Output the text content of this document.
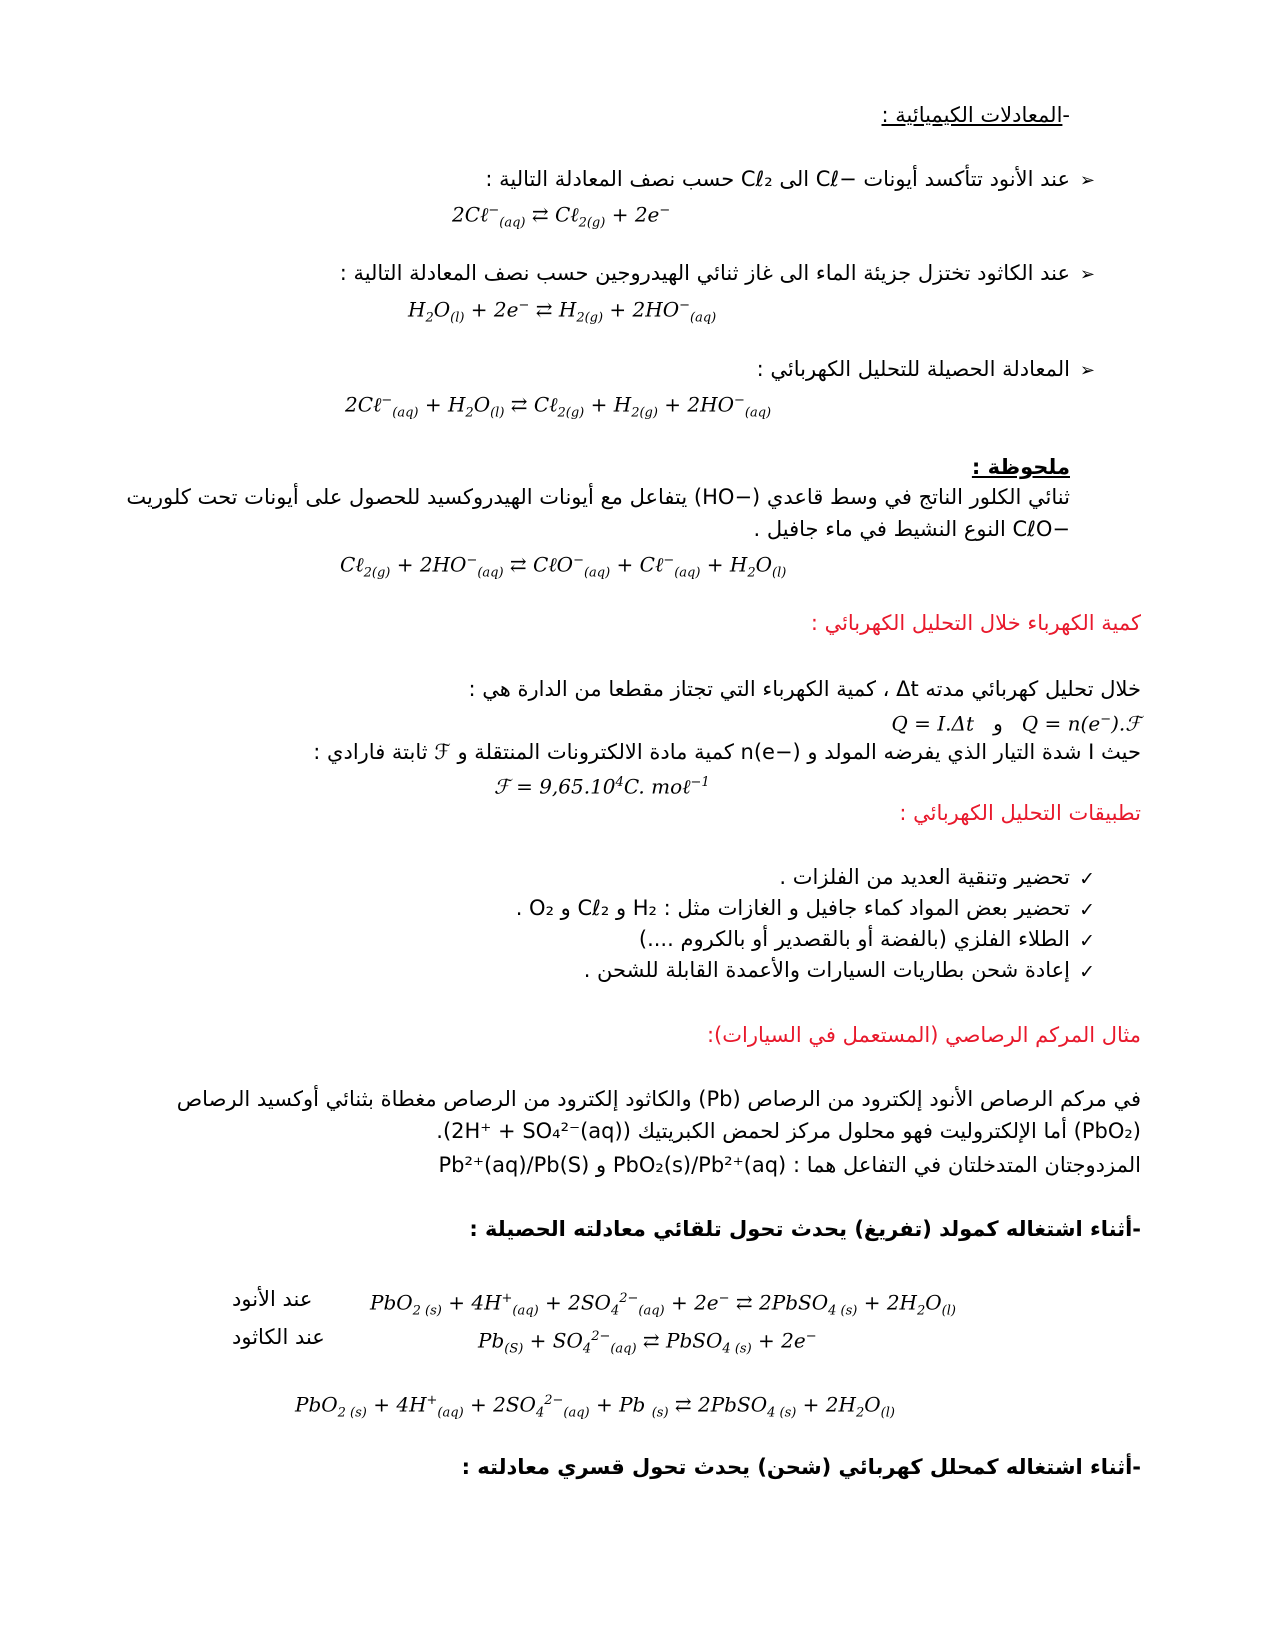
-المعادلات الكيميائية :
➢
عند الأنود تتأكسد أيونات −Cℓ الى Cℓ₂ حسب نصف المعادلة التالية :
2Cℓ−$_{(aq)}$ ⇄ Cℓ$_{2(g)}$ + 2e−
➢
عند الكاثود تختزل جزيئة الماء الى غاز ثنائي الهيدروجين حسب نصف المعادلة التالية :
$H_2O_{(l)} + 2e^-$ ⇄ $H_{2(g)} + 2HO^-_{(aq)}$
➢
المعادلة الحصيلة للتحليل الكهربائي :
2Cℓ−$_{(aq)}$ + $H_2O_{(l)}$ ⇄ Cℓ$_{2(g)}$ + $H_{2(g)} + 2HO^-_{(aq)}$
ملحوظة :
ثنائي الكلور الناتج في وسط قاعدي (−HO) يتفاعل مع أيونات الهيدروكسيد للحصول على أيونات تحت كلوريت
−CℓO النوع النشيط في ماء جافيل .
Cℓ$_{2(g)}$ + $2HO^-_{(aq)}$ ⇄ CℓO−$_{(aq)}$ + Cℓ−$_{(aq)}$ + $H_2O_{(l)}$
كمية الكهرباء خلال التحليل الكهربائي :
خلال تحليل كهربائي مدته Δt ، كمية الكهرباء التي تجتاز مقطعا من الدارة هي :
Q = I.Δt   و   Q = n(e−).ℱ
حيث I شدة التيار الذي يفرضه المولد و (−n(e كمية مادة الالكترونات المنتقلة و ℱ ثابتة فارادي :
ℱ = $9,65.10^4C$. moℓ$^{-1}$
تطبيقات التحليل الكهربائي :
✓
تحضير وتنقية العديد من الفلزات .
✓
تحضير بعض المواد كماء جافيل و الغازات مثل : H₂ و Cℓ₂ و O₂ .
✓
الطلاء الفلزي (بالفضة أو بالقصدير أو بالكروم ....)
✓
إعادة شحن بطاريات السيارات والأعمدة القابلة للشحن .
مثال المركم الرصاصي (المستعمل في السيارات):
في مركم الرصاص الأنود إلكترود من الرصاص (Pb) والكاثود إلكترود من الرصاص مغطاة بثنائي أوكسيد الرصاص
(PbO₂) أما الإلكتروليت فهو محلول مركز لحمض الكبريتيك (2H⁺ + SO₄²⁻(aq)).
المزدوجتان المتدخلتان في التفاعل هما : PbO₂(s)/Pb²⁺(aq) و Pb²⁺(aq)/Pb(S)
-أثناء اشتغاله كمولد (تفريغ) يحدث تحول تلقائي معادلته الحصيلة :
عند الأنود	$PbO_{2 (s)} + 4H^+_{(aq)} + 2SO_4^{2-}_{(aq)} + 2e^-$ ⇄ 2PbSO$_{4 (s)}$ + $2H_2O_{(l)}$
عند الكاثود	$Pb_{(S)} + SO_4^{2-}_{(aq)}$ ⇄ PbSO$_{4 (s)}$ + 2e−
$PbO_{2 (s)} + 4H^+_{(aq)} + 2SO_4^{2-}_{(aq)} + Pb$ $_{(s)}$ ⇄ 2PbSO$_{4 (s)}$ + $2H_2O_{(l)}$
-أثناء اشتغاله كمحلل كهربائي (شحن) يحدث تحول قسري معادلته :
